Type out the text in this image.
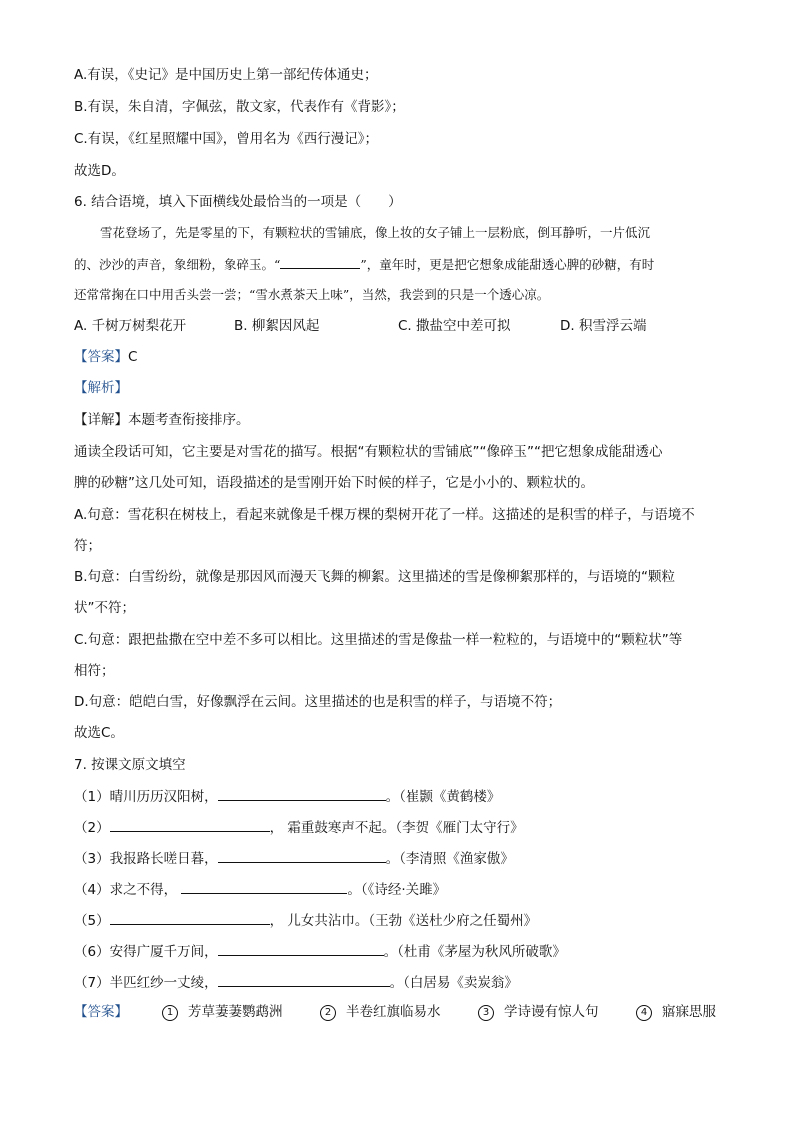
A.有误，《史记》是中国历史上第一部纪传体通史；
B.有误，朱自清，字佩弦，散文家，代表作有《背影》；
C.有误，《红星照耀中国》，曾用名为《西行漫记》；
故选D。
6. 结合语境，填入下面横线处最恰当的一项是（　　）
雪花登场了，先是零星的下，有颗粒状的雪铺底，像上妆的女子铺上一层粉底，倒耳静听，一片低沉
的、沙沙的声音，象细粉，象碎玉。“	”，童年时，更是把它想象成能甜透心脾的砂糖，有时
还常常掬在口中用舌头尝一尝；“雪水煮茶天上味”，当然，我尝到的只是一个透心凉。
A. 千树万树梨花开	B. 柳絮因风起	C. 撒盐空中差可拟	D. 积雪浮云端
【答案】C
【解析】
【详解】本题考查衔接排序。
通读全段话可知，它主要是对雪花的描写。根据“有颗粒状的雪铺底”“像碎玉”“把它想象成能甜透心
脾的砂糖”这几处可知，语段描述的是雪刚开始下时候的样子，它是小小的、颗粒状的。
A.句意：雪花积在树枝上，看起来就像是千棵万棵的梨树开花了一样。这描述的是积雪的样子，与语境不
符；
B.句意：白雪纷纷，就像是那因风而漫天飞舞的柳絮。这里描述的雪是像柳絮那样的，与语境的“颗粒
状”不符；
C.句意：跟把盐撒在空中差不多可以相比。这里描述的雪是像盐一样一粒粒的，与语境中的“颗粒状”等
相符；
D.句意：皑皑白雪，好像飘浮在云间。这里描述的也是积雪的样子，与语境不符；
故选C。
7. 按课文原文填空
（1）晴川历历汉阳树，	。（崔颢《黄鹤楼》
（2）	， 霜重鼓寒声不起。（李贺《雁门太守行》
（3）我报路长嗟日暮，	。（李清照《渔家傲》
（4）求之不得，	。（《诗经·关雎》
（5）	， 儿女共沾巾。（王勃《送杜少府之任蜀州》
（6）安得广厦千万间，	。（杜甫《茅屋为秋风所破歌》
（7）半匹红纱一丈绫，	。（白居易《卖炭翁》
【答案】	1 芳草萋萋鹦鹉洲	2 半卷红旗临易水	3 学诗谩有惊人句	4 寤寐思服
